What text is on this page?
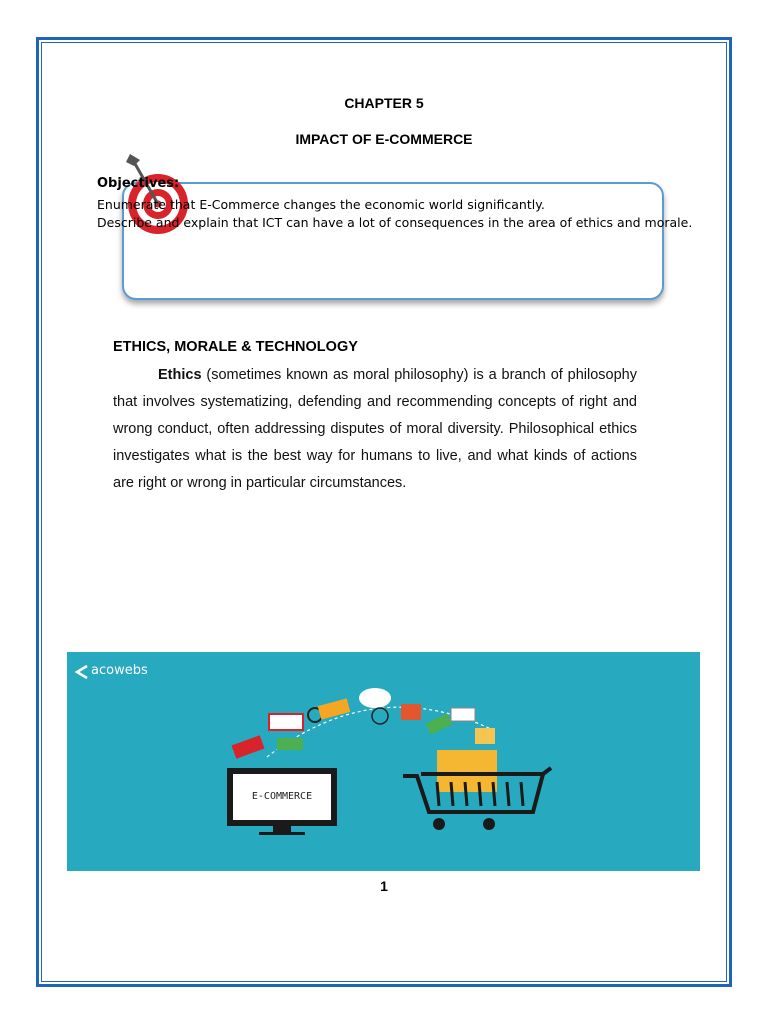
CHAPTER 5
IMPACT OF E-COMMERCE
Objectives:
Enumerate that E-Commerce changes the economic world significantly.
Describe and explain that ICT can have a lot of consequences in the area of ethics and morale.
ETHICS, MORALE & TECHNOLOGY
Ethics (sometimes known as moral philosophy) is a branch of philosophy that involves systematizing, defending and recommending concepts of right and wrong conduct, often addressing disputes of moral diversity. Philosophical ethics investigates what is the best way for humans to live, and what kinds of actions are right or wrong in particular circumstances.
acowebs
E-COMMERCE
1
